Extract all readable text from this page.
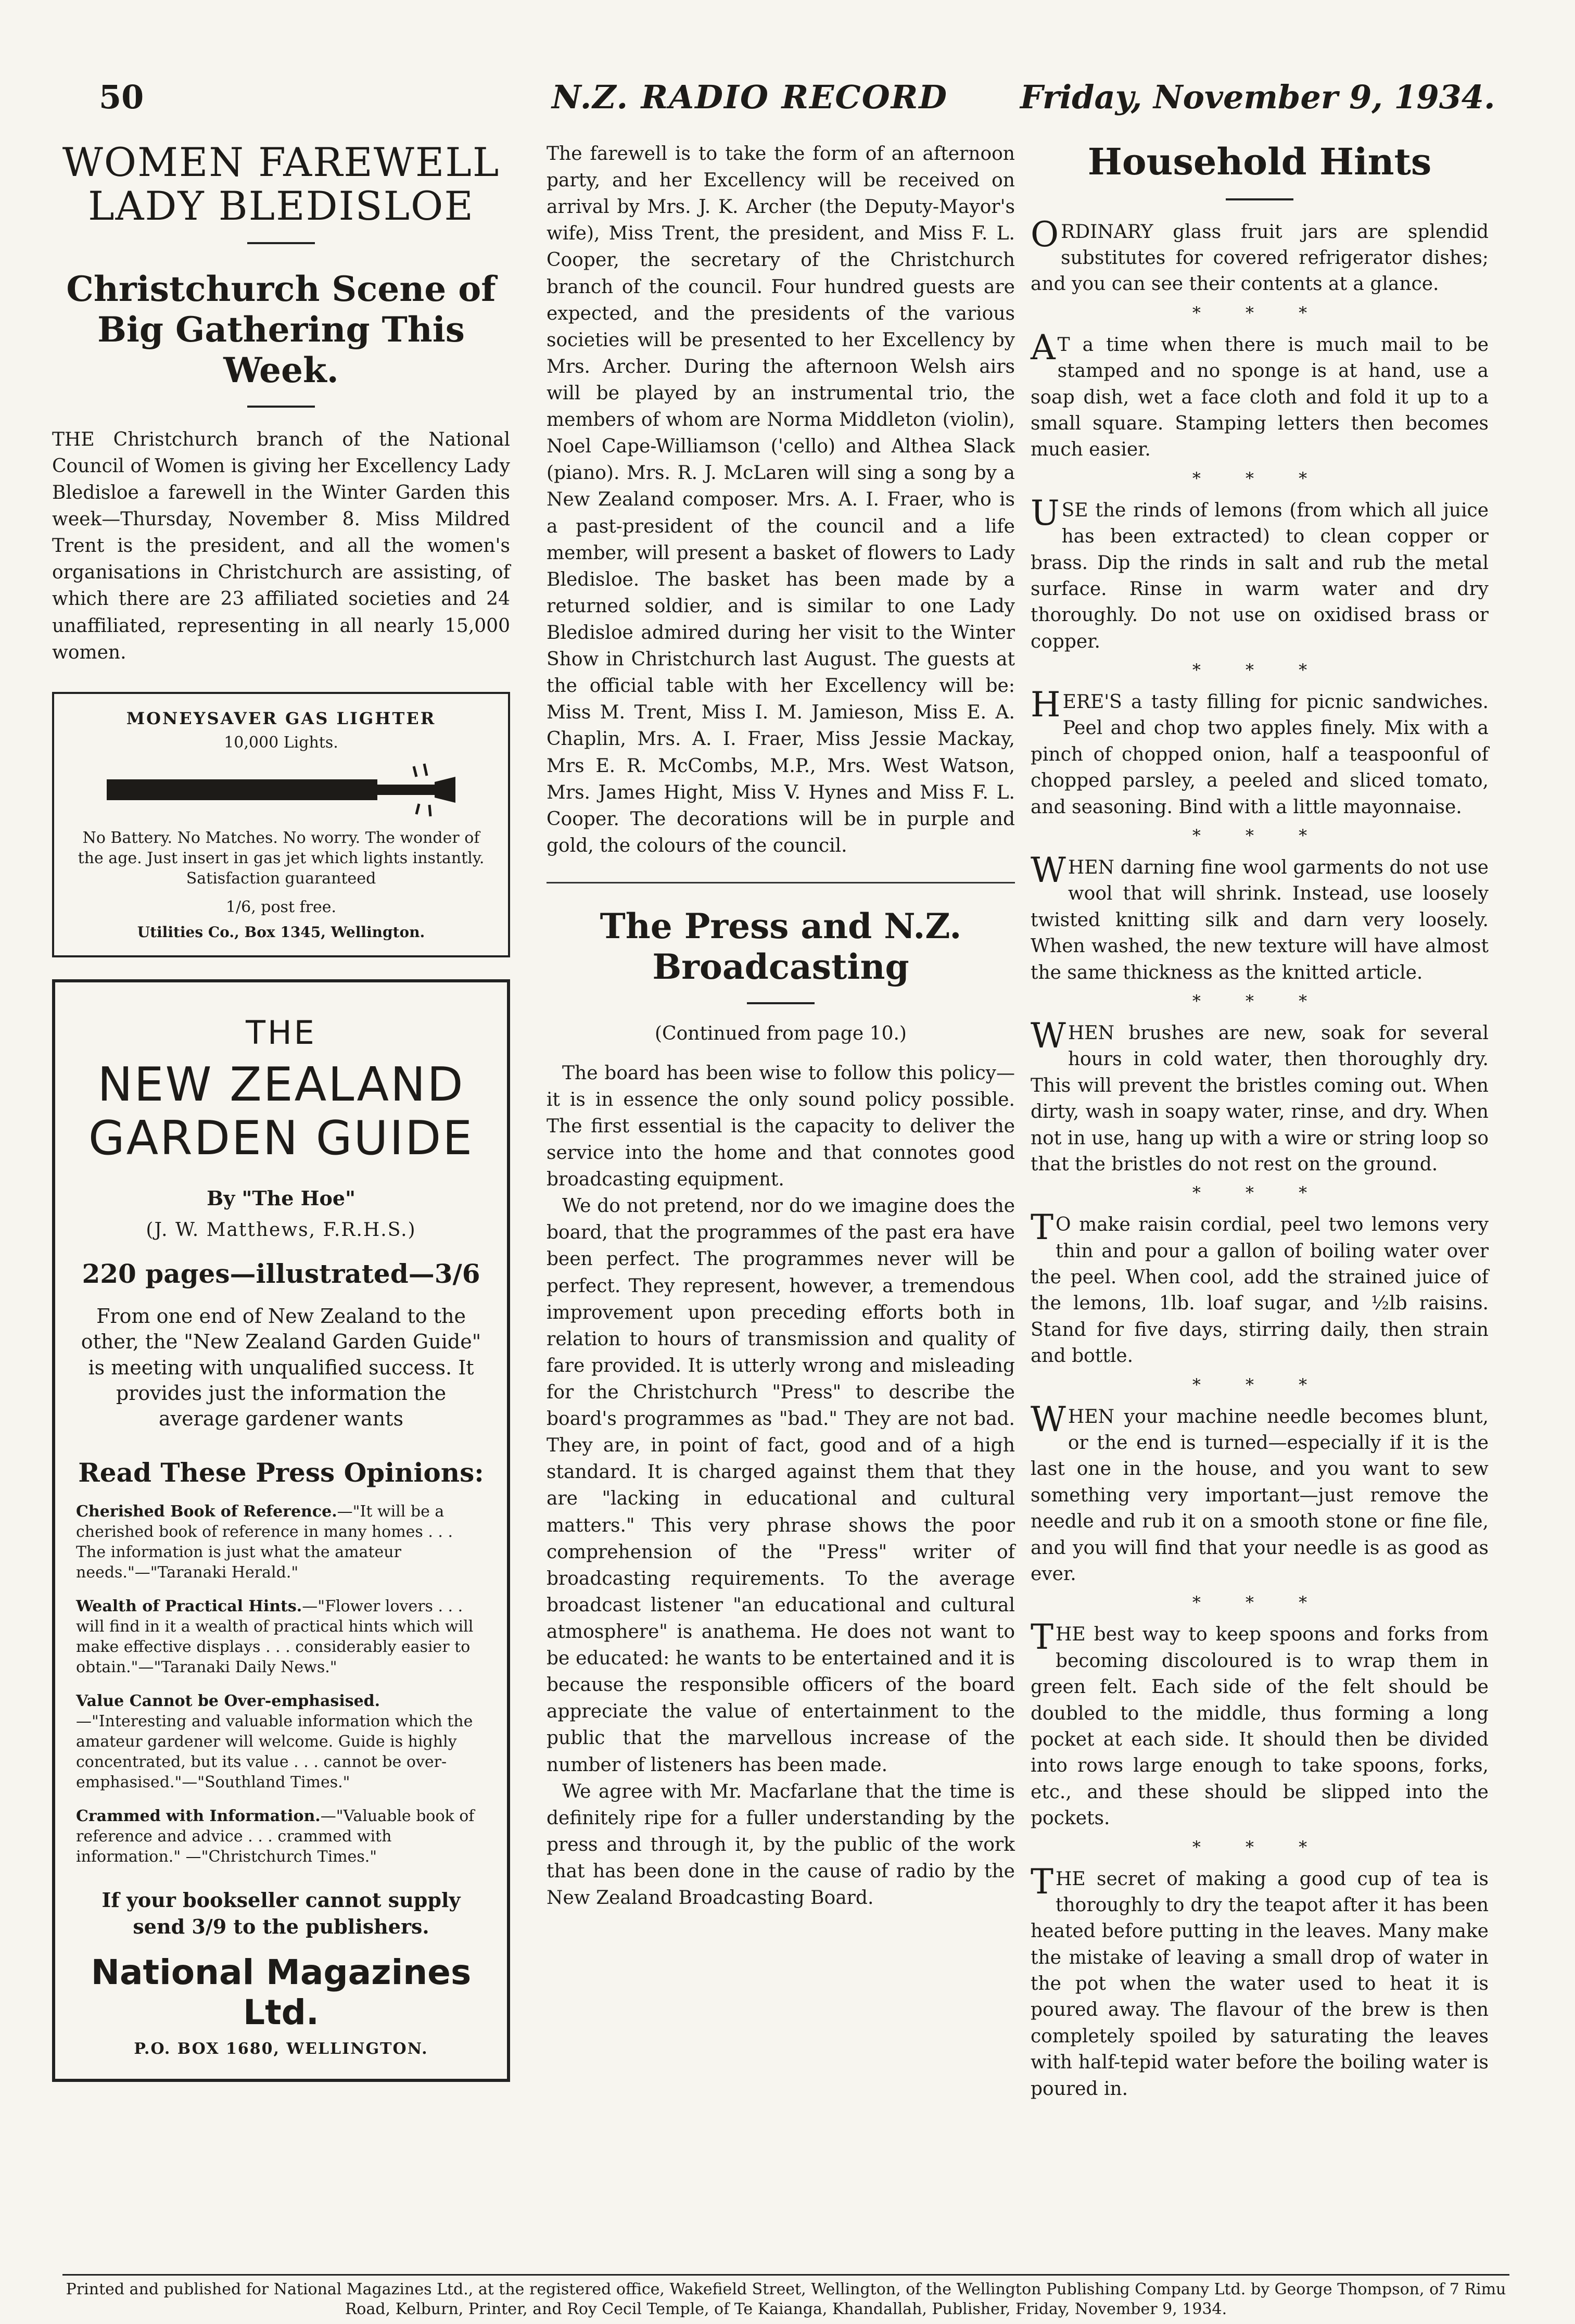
50	N.Z. RADIO RECORD Friday, November 9, 1934.
WOMEN FAREWELL LADY BLEDISLOE
Christchurch Scene of Big Gathering This Week.

THE Christchurch branch of the National Council of Women is giving her Excellency Lady Bledisloe a farewell in the Winter Garden this week—Thursday, November 8. Miss Mildred Trent is the president, and all the women's organisations in Christchurch are assisting, of which there are 23 affiliated societies and 24 unaffiliated, representing in all nearly 15,000 women.

MONEYSAVER GAS LIGHTER
10,000 Lights.
No Battery. No Matches. No worry. The wonder of the age. Just insert in gas jet which lights instantly. Satisfaction guaranteed
1/6, post free.
Utilities Co., Box 1345, Wellington.
THE
NEW ZEALAND GARDEN GUIDE
By "The Hoe"
(J. W. Matthews, F.R.H.S.)
220 pages—illustrated—3/6
From one end of New Zealand to the other, the "New Zealand Garden Guide" is meeting with unqualified success. It provides just the information the average gardener wants
Read These Press Opinions:
Cherished Book of Reference.—"It will be a cherished book of reference in many homes . . . The information is just what the amateur needs."—"Taranaki Herald."
Wealth of Practical Hints.—"Flower lovers . . . will find in it a wealth of practical hints which will make effective displays . . . considerably easier to obtain."—"Taranaki Daily News."
Value Cannot be Over-emphasised.—"Interesting and valuable information which the amateur gardener will welcome. Guide is highly concentrated, but its value . . . cannot be over-emphasised."—"Southland Times."
Crammed with Information.—"Valuable book of reference and advice . . . crammed with information." —"Christchurch Times."
If your bookseller cannot supply send 3/9 to the publishers.
National Magazines Ltd.
P.O. BOX 1680, WELLINGTON.

The farewell is to take the form of an afternoon party, and her Excellency will be received on arrival by Mrs. J. K. Archer (the Deputy-Mayor's wife), Miss Trent, the president, and Miss F. L. Cooper, the secretary of the Christchurch branch of the council. Four hundred guests are expected, and the presidents of the various societies will be presented to her Excellency by Mrs. Archer. During the afternoon Welsh airs will be played by an instrumental trio, the members of whom are Norma Middleton (violin), Noel Cape-Williamson ('cello) and Althea Slack (piano). Mrs. R. J. McLaren will sing a song by a New Zealand composer. Mrs. A. I. Fraer, who is a past-president of the council and a life member, will present a basket of flowers to Lady Bledisloe. The basket has been made by a returned soldier, and is similar to one Lady Bledisloe admired during her visit to the Winter Show in Christchurch last August. The guests at the official table with her Excellency will be: Miss M. Trent, Miss I. M. Jamieson, Miss E. A. Chaplin, Mrs. A. I. Fraer, Miss Jessie Mackay, Mrs E. R. McCombs, M.P., Mrs. West Watson, Mrs. James Hight, Miss V. Hynes and Miss F. L. Cooper. The decorations will be in purple and gold, the colours of the council.

The Press and N.Z. Broadcasting
(Continued from page 10.)

The board has been wise to follow this policy—it is in essence the only sound policy possible. The first essential is the capacity to deliver the service into the home and that connotes good broadcasting equipment.

We do not pretend, nor do we imagine does the board, that the programmes of the past era have been perfect. The programmes never will be perfect. They represent, however, a tremendous improvement upon preceding efforts both in relation to hours of transmission and quality of fare provided. It is utterly wrong and misleading for the Christchurch "Press" to describe the board's programmes as "bad." They are not bad. They are, in point of fact, good and of a high standard. It is charged against them that they are "lacking in educational and cultural matters." This very phrase shows the poor comprehension of the "Press" writer of broadcasting requirements. To the average broadcast listener "an educational and cultural atmosphere" is anathema. He does not want to be educated: he wants to be entertained and it is because the responsible officers of the board appreciate the value of entertainment to the public that the marvellous increase of the number of listeners has been made.

We agree with Mr. Macfarlane that the time is definitely ripe for a fuller understanding by the press and through it, by the public of the work that has been done in the cause of radio by the New Zealand Broadcasting Board.

Household Hints

ORDINARY glass fruit jars are splendid substitutes for covered refrigerator dishes; and you can see their contents at a glance.

* * *

A T a time when there is much mail to be stamped and no sponge is at hand, use a soap dish, wet a face cloth and fold it up to a small square. Stamping letters then becomes much easier.

* * *

USE the rinds of lemons (from which all juice has been extracted) to clean copper or brass. Dip the rinds in salt and rub the metal surface. Rinse in warm water and dry thoroughly. Do not use on oxidised brass or copper.

* * *

HERE'S a tasty filling for picnic sandwiches. Peel and chop two apples finely. Mix with a pinch of chopped onion, half a teaspoonful of chopped parsley, a peeled and sliced tomato, and seasoning. Bind with a little mayonnaise.

* * *

WHEN darning fine wool garments do not use wool that will shrink. Instead, use loosely twisted knitting silk and darn very loosely. When washed, the new texture will have almost the same thickness as the knitted article.

* * *

WHEN brushes are new, soak for several hours in cold water, then thoroughly dry. This will prevent the bristles coming out. When dirty, wash in soapy water, rinse, and dry. When not in use, hang up with a wire or string loop so that the bristles do not rest on the ground.

* * *

T O make raisin cordial, peel two lemons very thin and pour a gallon of boiling water over the peel. When cool, add the strained juice of the lemons, 1lb. loaf sugar, and ½lb raisins. Stand for five days, stirring daily, then strain and bottle.

* * *

WHEN your machine needle becomes blunt, or the end is turned—especially if it is the last one in the house, and you want to sew something very important—just remove the needle and rub it on a smooth stone or fine file, and you will find that your needle is as good as ever.

* * *

THE best way to keep spoons and forks from becoming discoloured is to wrap them in green felt. Each side of the felt should be doubled to the middle, thus forming a long pocket at each side. It should then be divided into rows large enough to take spoons, forks, etc., and these should be slipped into the pockets.

* * *

THE secret of making a good cup of tea is thoroughly to dry the teapot after it has been heated before putting in the leaves. Many make the mistake of leaving a small drop of water in the pot when the water used to heat it is poured away. The flavour of the brew is then completely spoiled by saturating the leaves with half-tepid water before the boiling water is poured in.

Printed and published for National Magazines Ltd., at the registered office, Wakefield Street, Wellington, of the Wellington Publishing Company Ltd. by George Thompson, of 7 Rimu Road, Kelburn, Printer, and Roy Cecil Temple, of Te Kaianga, Khandallah, Publisher, Friday, November 9, 1934.
